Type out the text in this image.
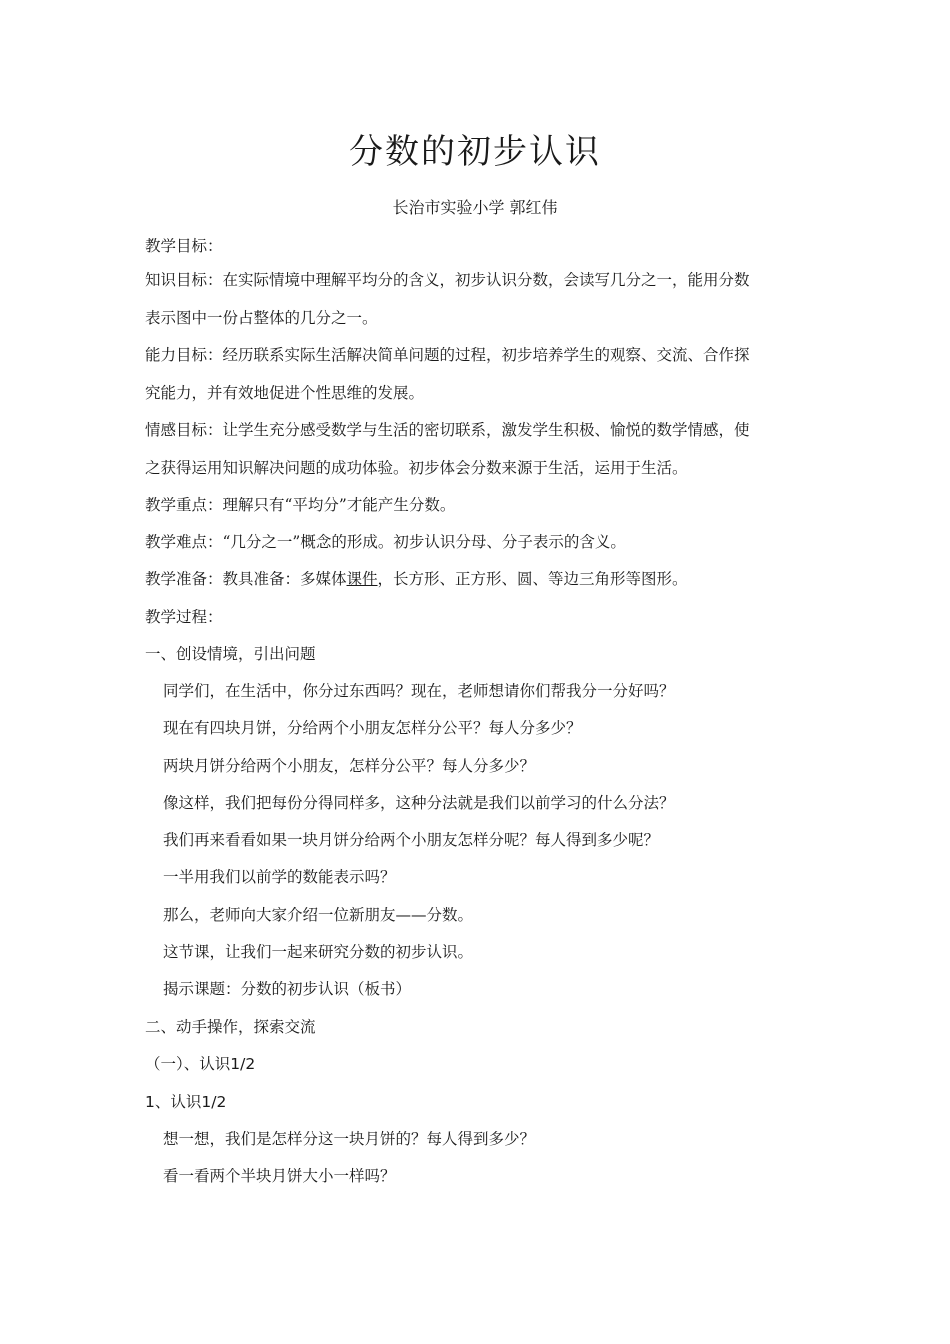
分数的初步认识
长治市实验小学 郭红伟
教学目标：
知识目标：在实际情境中理解平均分的含义，初步认识分数，会读写几分之一，能用分数
表示图中一份占整体的几分之一。
能力目标：经历联系实际生活解决简单问题的过程，初步培养学生的观察、交流、合作探
究能力，并有效地促进个性思维的发展。
情感目标：让学生充分感受数学与生活的密切联系，激发学生积极、愉悦的数学情感，使
之获得运用知识解决问题的成功体验。初步体会分数来源于生活，运用于生活。
教学重点：理解只有“平均分”才能产生分数。
教学难点：“几分之一”概念的形成。初步认识分母、分子表示的含义。
教学准备：教具准备：多媒体课件，长方形、正方形、圆、等边三角形等图形。
教学过程：
一、创设情境，引出问题
同学们，在生活中，你分过东西吗？现在，老师想请你们帮我分一分好吗？
现在有四块月饼，分给两个小朋友怎样分公平？每人分多少？
两块月饼分给两个小朋友，怎样分公平？每人分多少？
像这样，我们把每份分得同样多，这种分法就是我们以前学习的什么分法？
我们再来看看如果一块月饼分给两个小朋友怎样分呢？每人得到多少呢？
一半用我们以前学的数能表示吗？
那么，老师向大家介绍一位新朋友——分数。
这节课，让我们一起来研究分数的初步认识。
揭示课题：分数的初步认识（板书）
二、动手操作，探索交流
（一）、认识1/2
1、认识1/2
想一想，我们是怎样分这一块月饼的？每人得到多少？
看一看两个半块月饼大小一样吗？
